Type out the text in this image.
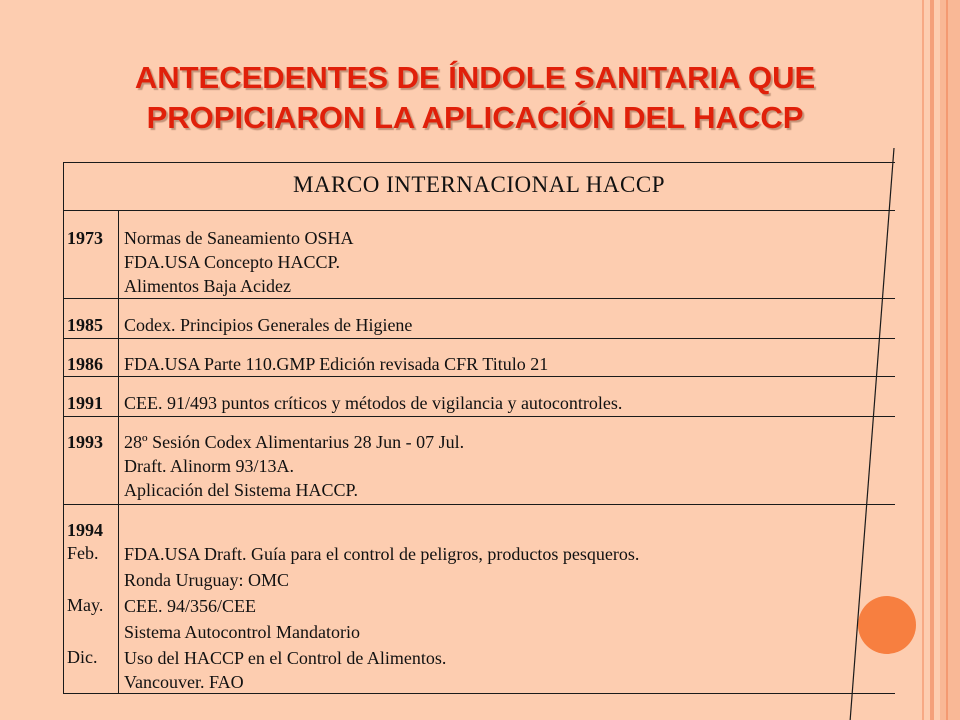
ANTECEDENTES DE ÍNDOLE SANITARIA QUE
PROPICIARON LA APLICACIÓN DEL HACCP
MARCO INTERNACIONAL HACCP
1973 Normas de Saneamiento OSHA
FDA.USA Concepto HACCP.
Alimentos Baja Acidez
1985 Codex. Principios Generales de Higiene
1986 FDA.USA Parte 110.GMP Edición revisada CFR Titulo 21
1991 CEE. 91/493 puntos críticos y métodos de vigilancia y autocontroles.
1993 28º Sesión Codex Alimentarius 28 Jun - 07 Jul.
Draft. Alinorm 93/13A.
Aplicación del Sistema HACCP.
1994
Feb.
May.
Dic.
FDA.USA Draft. Guía para el control de peligros, productos pesqueros.
Ronda Uruguay: OMC
CEE. 94/356/CEE
Sistema Autocontrol Mandatorio
Uso del HACCP en el Control de Alimentos.
Vancouver. FAO
